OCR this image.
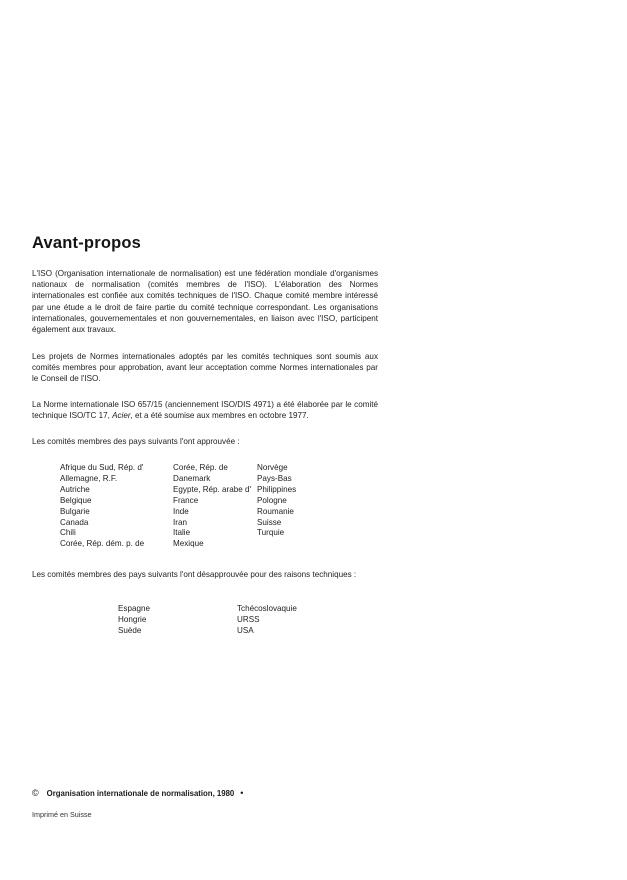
Avant-propos

L'ISO (Organisation internationale de normalisation) est une fédération mondiale d'organismes nationaux de normalisation (comités membres de l'ISO). L'élaboration des Normes internationales est confiée aux comités techniques de l'ISO. Chaque comité membre intéressé par une étude a le droit de faire partie du comité technique correspondant. Les organisations internationales, gouvernementales et non gouvernementales, en liaison avec l'ISO, participent également aux travaux.

Les projets de Normes internationales adoptés par les comités techniques sont soumis aux comités membres pour approbation, avant leur acceptation comme Normes internationales par le Conseil de l'ISO.

La Norme internationale ISO 657/15 (anciennement ISO/DIS 4971) a été élaborée par le comité technique ISO/TC 17, Acier, et a été soumise aux membres en octobre 1977.

Les comités membres des pays suivants l'ont approuvée :

Afrique du Sud, Rép. d'
Allemagne, R.F.
Autriche
Belgique
Bulgarie
Canada
Chili
Corée, Rép. dém. p. de
Corée, Rép. de
Danemark
Egypte, Rép. arabe d'
France
Inde
Iran
Italie
Mexique
Norvège
Pays-Bas
Philippines
Pologne
Roumanie
Suisse
Turquie

Les comités membres des pays suivants l'ont désapprouvée pour des raisons techniques :

Espagne
Hongrie
Suède
Tchécoslovaquie
URSS
USA
© Organisation internationale de normalisation, 1980 •
Imprimé en Suisse
